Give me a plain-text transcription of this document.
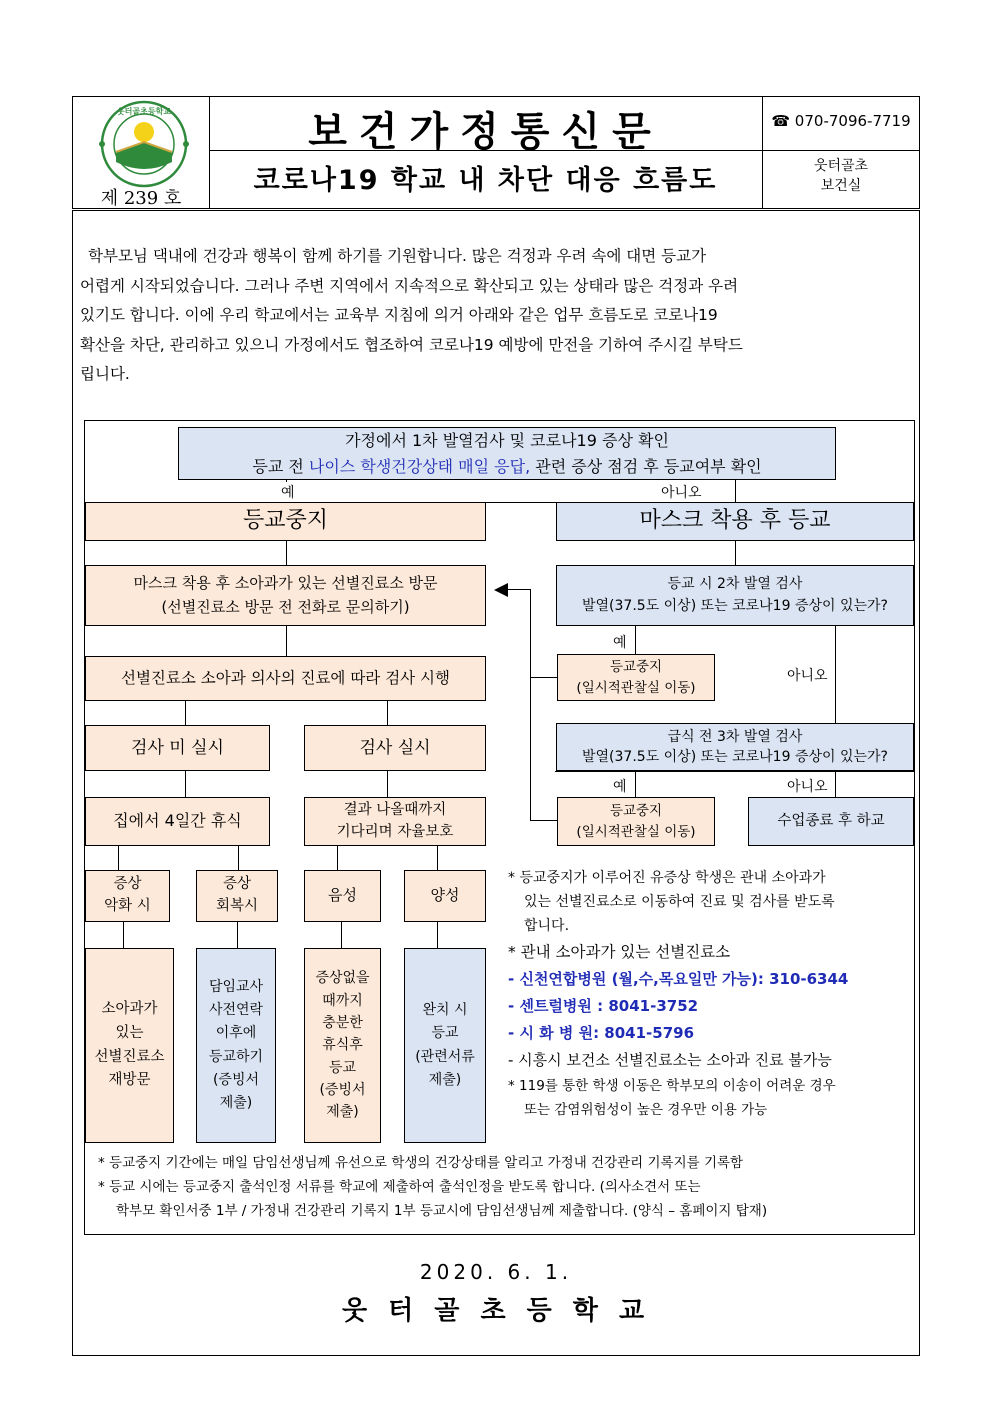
웃터골초등학교
제 239 호
보건가정통신문
코로나19 학교 내 차단 대응 흐름도
☎ 070-7096-7719
웃터골초
보건실
학부모님 댁내에 건강과 행복이 함께 하기를 기원합니다. 많은 걱정과 우려 속에 대면 등교가
어렵게 시작되었습니다. 그러나 주변 지역에서 지속적으로 확산되고 있는 상태라 많은 걱정과 우려
있기도 합니다. 이에 우리 학교에서는 교육부 지침에 의거 아래와 같은 업무 흐름도로 코로나19
확산을 차단, 관리하고 있으니 가정에서도 협조하여 코로나19 예방에 만전을 기하여 주시길 부탁드
립니다.
예	아니오
예
아니오
예	아니오
가정에서 1차 발열검사 및 코로나19 증상 확인
등교 전 나이스 학생건강상태 매일 응답, 관련 증상 점검 후 등교여부 확인
등교중지	마스크 착용 후 등교
마스크 착용 후 소아과가 있는 선별진료소 방문
(선별진료소 방문 전 전화로 문의하기)
등교 시 2차 발열 검사
발열(37.5도 이상) 또는 코로나19 증상이 있는가?
선별진료소 소아과 의사의 진료에 따라 검사 시행
등교중지
(일시적관찰실 이동)
검사 미 실시	검사 실시
급식 전 3차 발열 검사
발열(37.5도 이상) 또는 코로나19 증상이 있는가?
집에서 4일간 휴식
결과 나올때까지
기다리며 자율보호
등교중지
(일시적관찰실 이동)
수업종료 후 하교
증상
악화 시
증상
회복시
음성	양성
소아과가
있는
선별진료소
재방문
담임교사
사전연락
이후에
등교하기
(증빙서
제출)
증상없을
때까지
충분한
휴식후
등교
(증빙서
제출)
완치 시
등교
(관련서류
제출)
* 등교중지가 이루어진 유증상 학생은 관내 소아과가
있는 선별진료소로 이동하여 진료 및 검사를 받도록
합니다.
* 관내 소아과가 있는 선별진료소
- 신천연합병원 (월,수,목요일만 가능): 310-6344
- 센트럴병원 : 8041-3752
- 시 화 병 원: 8041-5796
- 시흥시 보건소 선별진료소는 소아과 진료 불가능
* 119를 통한 학생 이동은 학부모의 이송이 어려운 경우
또는 감염위험성이 높은 경우만 이용 가능
* 등교중지 기간에는 매일 담임선생님께 유선으로 학생의 건강상태를 알리고 가정내 건강관리 기록지를 기록함
* 등교 시에는 등교중지 출석인정 서류를 학교에 제출하여 출석인정을 받도록 합니다. (의사소견서 또는
학부모 확인서중 1부 / 가정내 건강관리 기록지 1부 등교시에 담임선생님께 제출합니다. (양식 – 홈페이지 탑재)
2020. 6. 1.
웃 터 골 초 등 학 교
